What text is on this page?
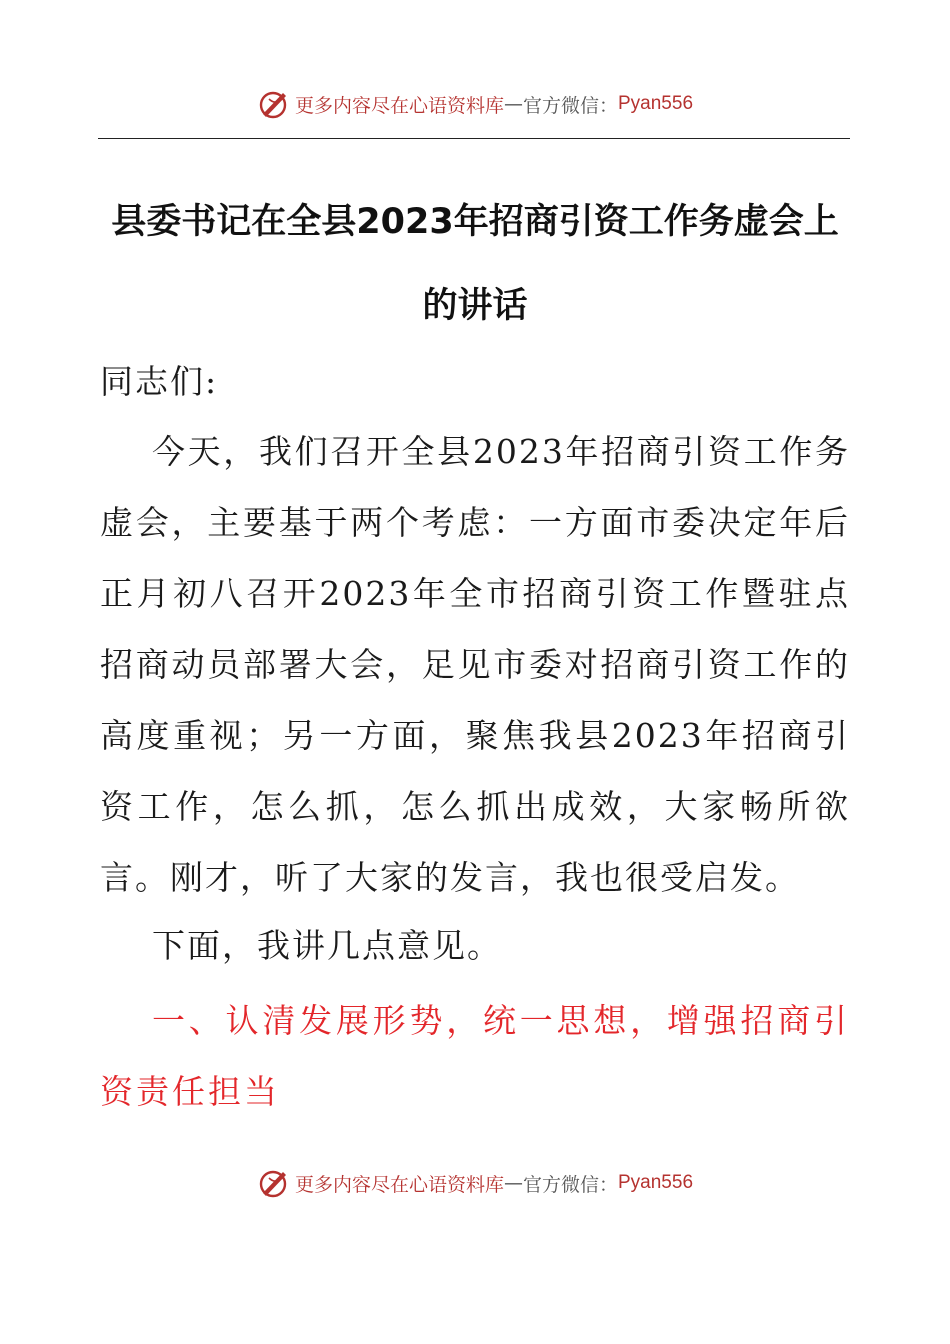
更多内容尽在心语资料库 — 官方微信： Pyan556
县委书记在全县2023年招商引资工作务虚会上的讲话
同志们:
今天，我们召开全县2023年招商引资工作务虚会，主要基于两个考虑：一方面市委决定年后正月初八召开2023年全市招商引资工作暨驻点招商动员部署大会，足见市委对招商引资工作的高度重视；另一方面，聚焦我县2023年招商引资工作，怎么抓，怎么抓出成效，大家畅所欲言。刚才，听了大家的发言，我也很受启发。
下面，我讲几点意见。
一、认清发展形势，统一思想，增强招商引资责任担当
更多内容尽在心语资料库 — 官方微信： Pyan556
